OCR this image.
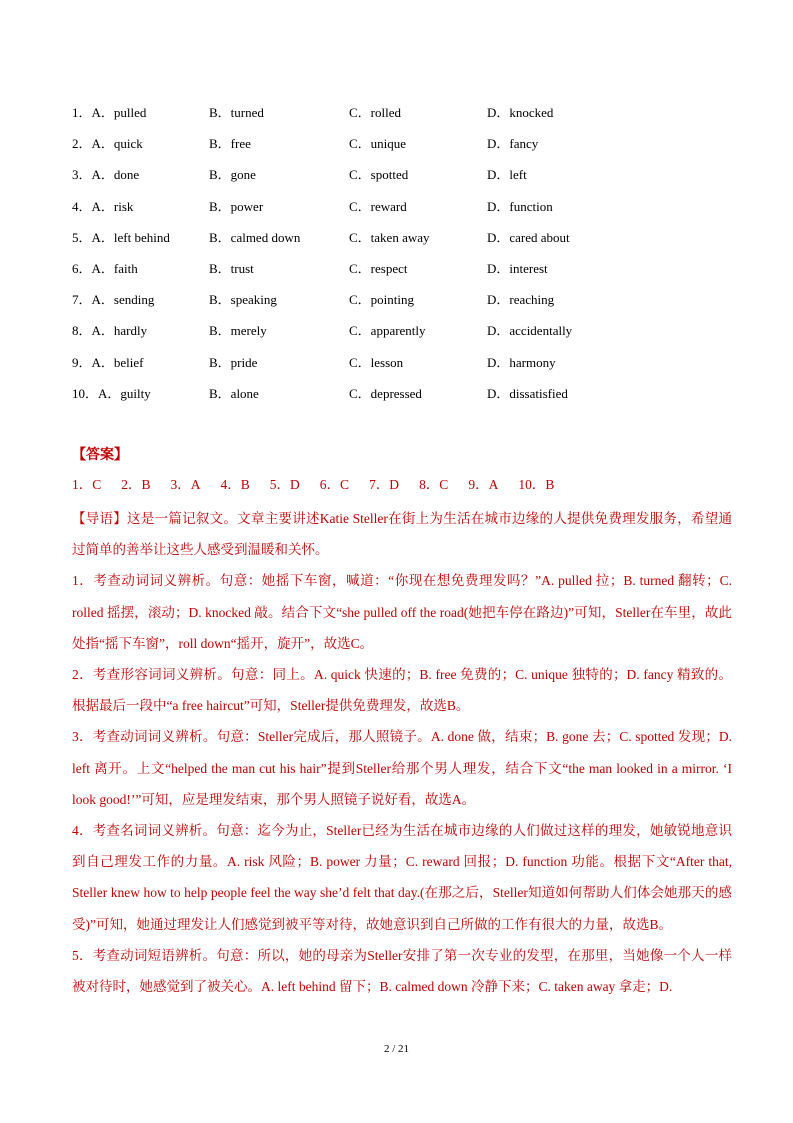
1．A．pulled	B．turned	C．rolled	D．knocked
2．A．quick	B．free	C．unique	D．fancy
3．A．done	B．gone	C．spotted	D．left
4．A．risk	B．power	C．reward	D．function
5．A．left behind	B．calmed down	C．taken away	D．cared about
6．A．faith	B．trust	C．respect	D．interest
7．A．sending	B．speaking	C．pointing	D．reaching
8．A．hardly	B．merely	C．apparently	D．accidentally
9．A．belief	B．pride	C．lesson	D．harmony
10．A．guilty	B．alone	C．depressed	D．dissatisfied
【答案】
1．C 2．B 3．A 4．B 5．D 6．C 7．D 8．C 9．A 10．B

【导语】这是一篇记叙文。文章主要讲述Katie Steller在街上为生活在城市边缘的人提供免费理发服务，希望通过简单的善举让这些人感受到温暖和关怀。

1．考查动词词义辨析。句意：她摇下车窗，喊道：“你现在想免费理发吗？”A. pulled 拉；B. turned 翻转；C. rolled 摇摆，滚动；D. knocked 敲。结合下文“she pulled off the road(她把车停在路边)”可知，Steller在车里，故此处指“摇下车窗”，roll down“摇开，旋开”，故选C。

2．考查形容词词义辨析。句意：同上。A. quick 快速的；B. free 免费的；C. unique 独特的；D. fancy 精致的。根据最后一段中“a free haircut”可知，Steller提供免费理发，故选B。

3．考查动词词义辨析。句意：Steller完成后，那人照镜子。A. done 做，结束；B. gone 去；C. spotted 发现；D. left 离开。上文“helped the man cut his hair”提到Steller给那个男人理发，结合下文“the man looked in a mirror. ‘I look good!’”可知，应是理发结束，那个男人照镜子说好看，故选A。

4．考查名词词义辨析。句意：迄今为止，Steller已经为生活在城市边缘的人们做过这样的理发，她敏锐地意识到自己理发工作的力量。A. risk 风险；B. power 力量；C. reward 回报；D. function 功能。根据下文“After that, Steller knew how to help people feel the way she’d felt that day.(在那之后，Steller知道如何帮助人们体会她那天的感受)”可知，她通过理发让人们感觉到被平等对待，故她意识到自己所做的工作有很大的力量，故选B。

5．考查动词短语辨析。句意：所以，她的母亲为Steller安排了第一次专业的发型，在那里，当她像一个人一样被对待时，她感觉到了被关心。A. left behind 留下；B. calmed down 冷静下来；C. taken away 拿走；D.

2 / 21
